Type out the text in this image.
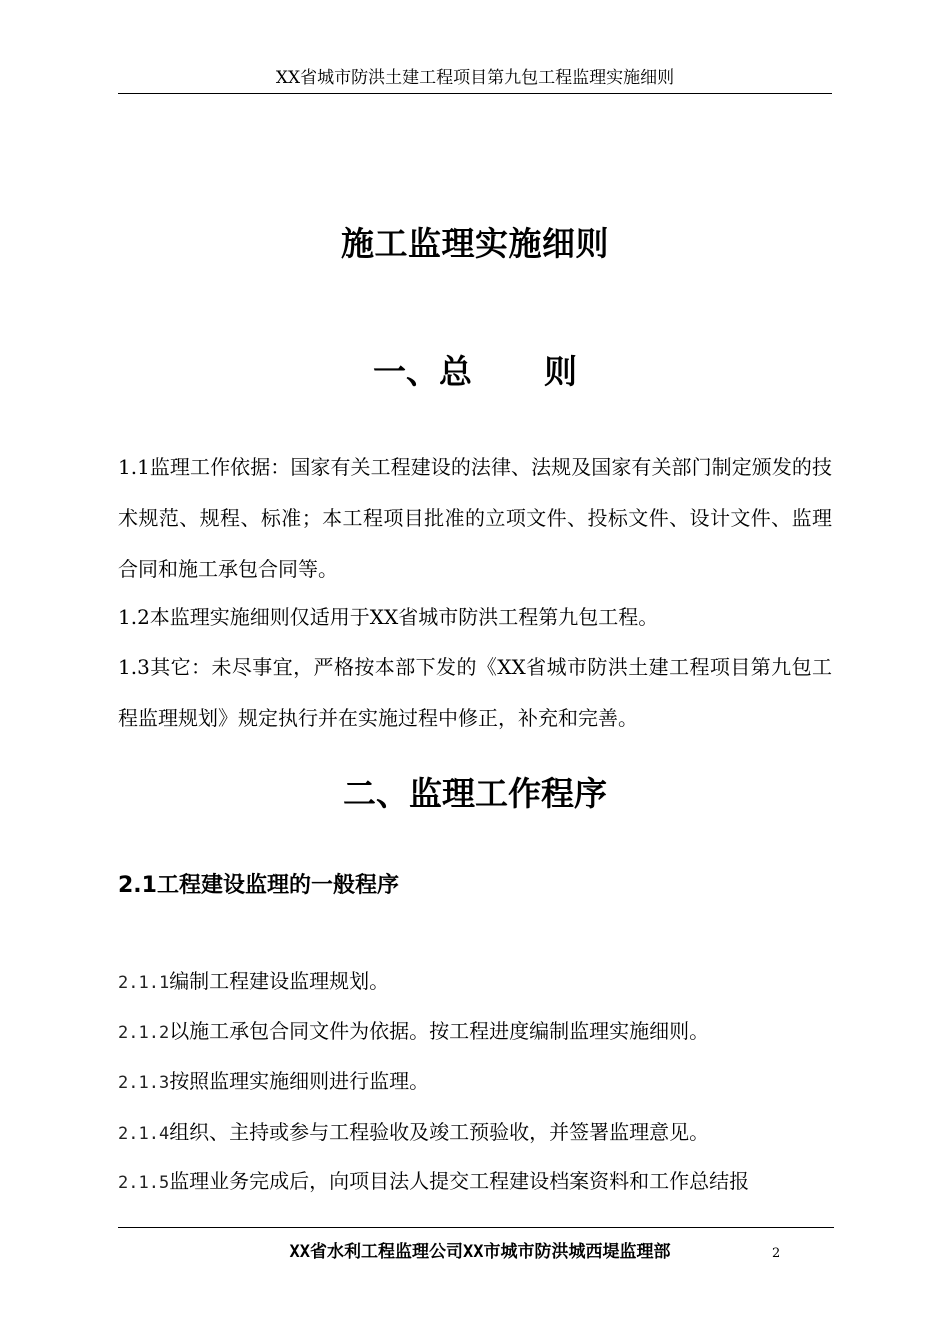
XX省城市防洪土建工程项目第九包工程监理实施细则
施工监理实施细则
一、总 则
1.1监理工作依据：国家有关工程建设的法律、法规及国家有关部门制定颁发的技术规范、规程、标准；本工程项目批准的立项文件、投标文件、设计文件、监理合同和施工承包合同等。
1.2本监理实施细则仅适用于XX省城市防洪工程第九包工程。
1.3其它：未尽事宜，严格按本部下发的《XX省城市防洪土建工程项目第九包工程监理规划》规定执行并在实施过程中修正，补充和完善。
二、监理工作程序
2.1工程建设监理的一般程序
2.1.1编制工程建设监理规划。
2.1.2以施工承包合同文件为依据。按工程进度编制监理实施细则。
2.1.3按照监理实施细则进行监理。
2.1.4组织、主持或参与工程验收及竣工预验收，并签署监理意见。
2.1.5监理业务完成后，向项目法人提交工程建设档案资料和工作总结报
XX省水利工程监理公司XX市城市防洪城西堤监理部	2
